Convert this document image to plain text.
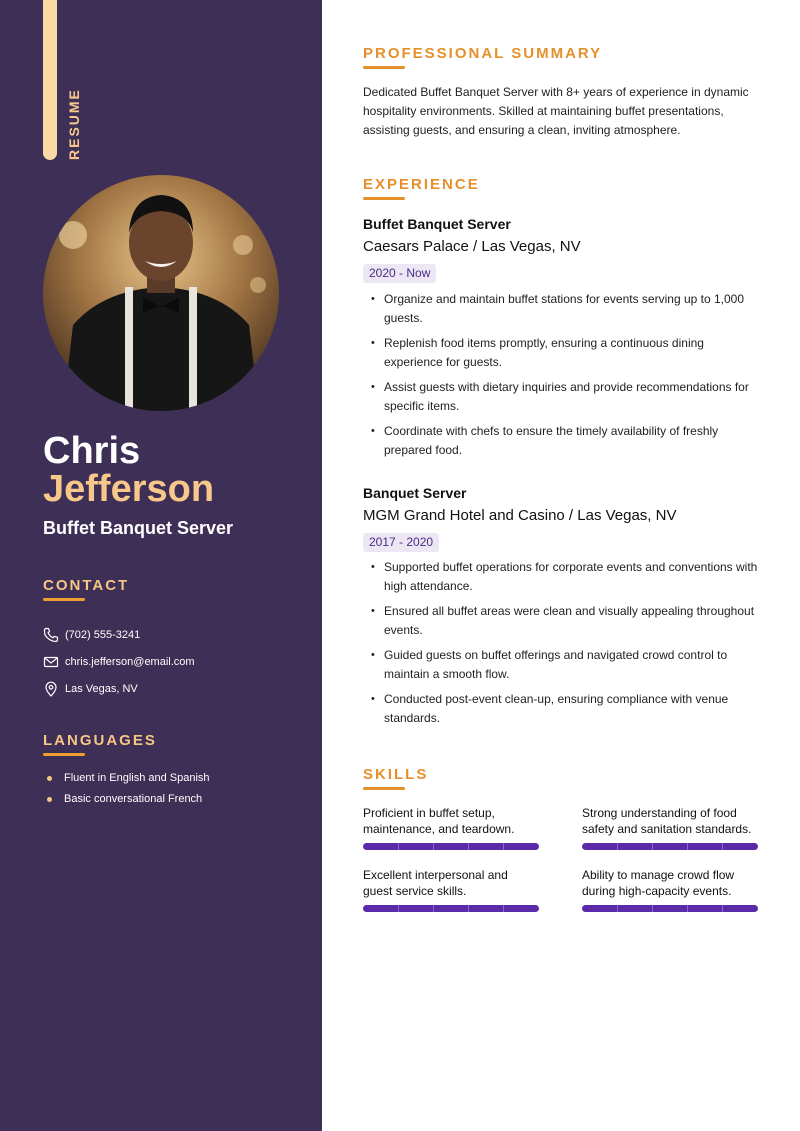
RESUME
Chris
Jefferson
Buffet Banquet Server
CONTACT
(702) 555-3241
chris.jefferson@email.com
Las Vegas, NV
LANGUAGES
Fluent in English and Spanish
Basic conversational French
PROFESSIONAL SUMMARY
Dedicated Buffet Banquet Server with 8+ years of experience in dynamic hospitality environments. Skilled at maintaining buffet presentations, assisting guests, and ensuring a clean, inviting atmosphere.
EXPERIENCE
Buffet Banquet Server
Caesars Palace / Las Vegas, NV
2020 - Now
• Organize and maintain buffet stations for events serving up to 1,000 guests.
• Replenish food items promptly, ensuring a continuous dining experience for guests.
• Assist guests with dietary inquiries and provide recommendations for specific items.
• Coordinate with chefs to ensure the timely availability of freshly prepared food.
Banquet Server
MGM Grand Hotel and Casino / Las Vegas, NV
2017 - 2020
• Supported buffet operations for corporate events and conventions with high attendance.
• Ensured all buffet areas were clean and visually appealing throughout events.
• Guided guests on buffet offerings and navigated crowd control to maintain a smooth flow.
• Conducted post-event clean-up, ensuring compliance with venue standards.
SKILLS
Proficient in buffet setup, maintenance, and teardown.
Strong understanding of food safety and sanitation standards.
Excellent interpersonal and guest service skills.
Ability to manage crowd flow during high-capacity events.
